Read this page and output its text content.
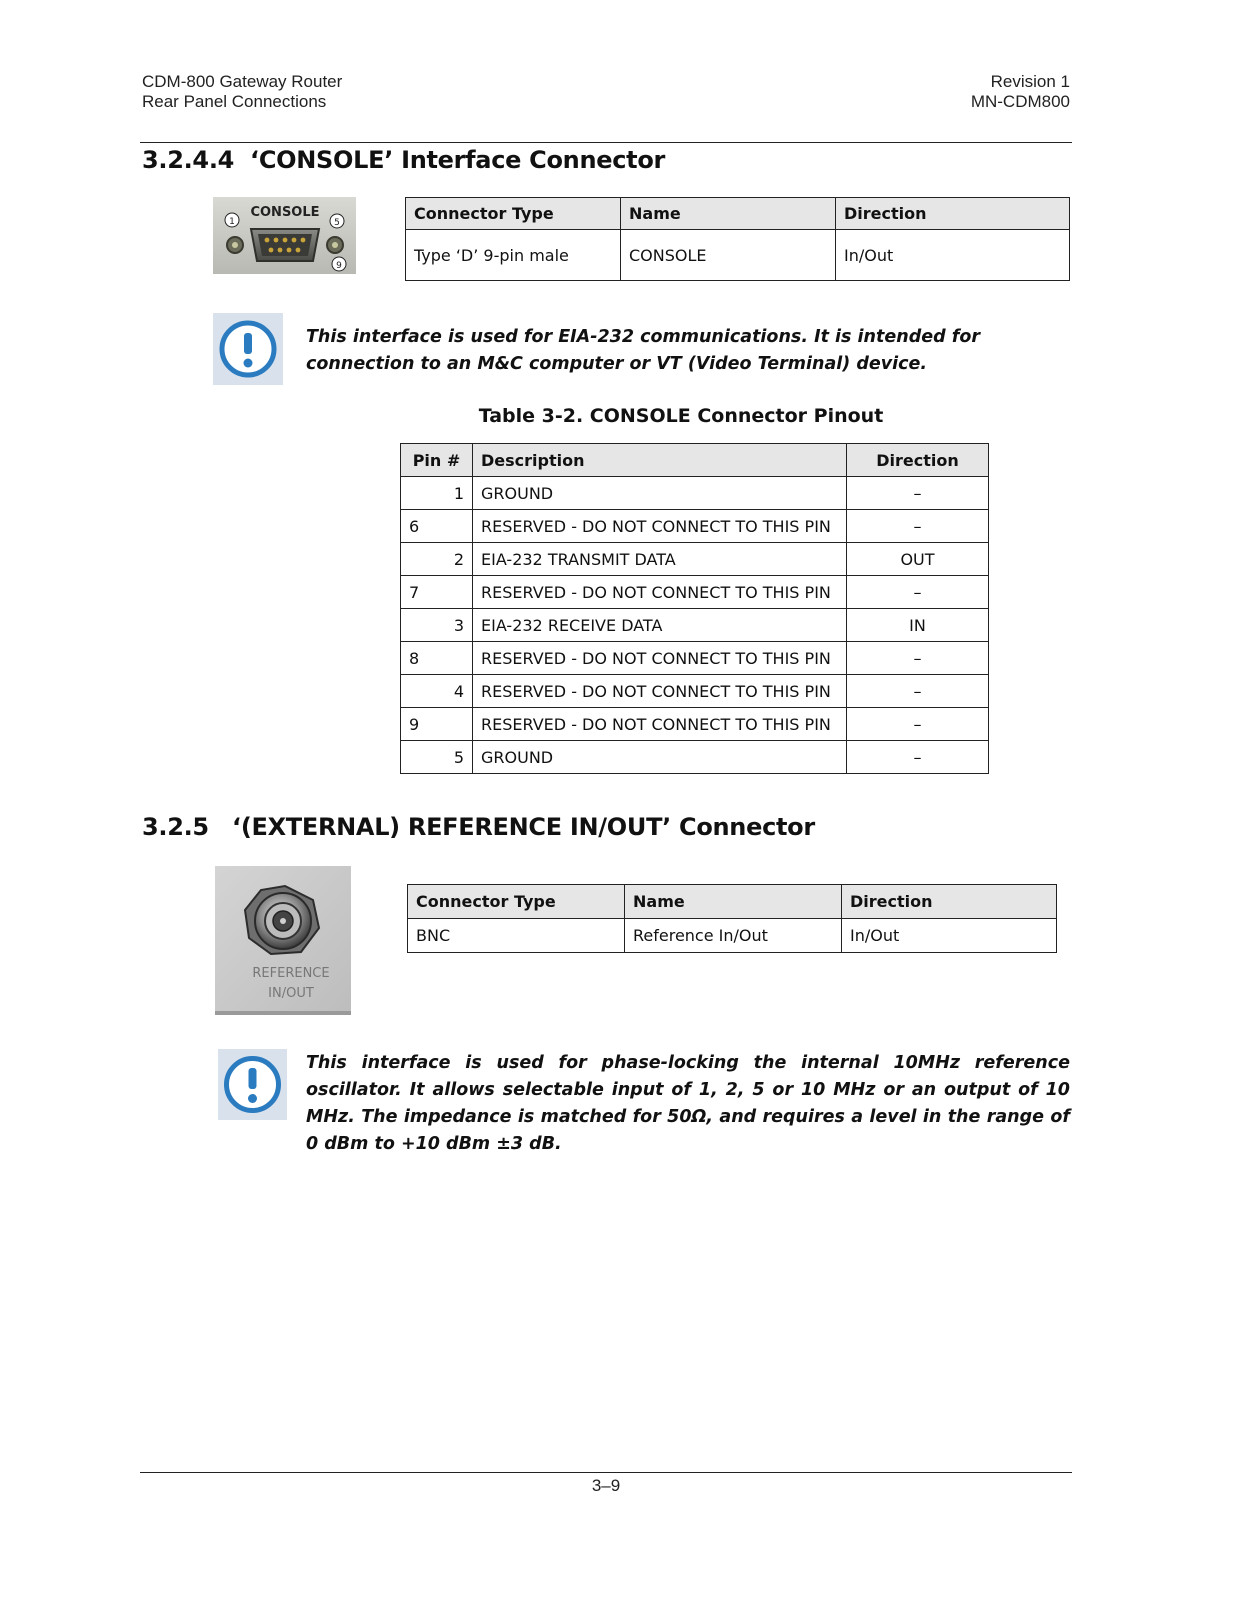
CDM-800 Gateway Router
Rear Panel Connections
Revision 1
MN-CDM800
3.2.4.4 ‘CONSOLE’ Interface Connector
CONSOLE
1	5
9
Connector Type	Name	Direction
Type ‘D’ 9-pin male	CONSOLE	In/Out
This interface is used for EIA-232 communications. It is intended for connection to an M&C computer or VT (Video Terminal) device.
Table 3-2. CONSOLE Connector Pinout
Pin #	Description	Direction
1	GROUND	–
6	RESERVED - DO NOT CONNECT TO THIS PIN	–
2	EIA-232 TRANSMIT DATA	OUT
7	RESERVED - DO NOT CONNECT TO THIS PIN	–
3	EIA-232 RECEIVE DATA	IN
8	RESERVED - DO NOT CONNECT TO THIS PIN	–
4	RESERVED - DO NOT CONNECT TO THIS PIN	–
9	RESERVED - DO NOT CONNECT TO THIS PIN	–
5	GROUND	–
3.2.5 ‘(EXTERNAL) REFERENCE IN/OUT’ Connector
REFERENCE
IN/OUT
Connector Type	Name	Direction
BNC	Reference In/Out	In/Out
This interface is used for phase-locking the internal 10MHz reference oscillator. It allows selectable input of 1, 2, 5 or 10 MHz or an output of 10 MHz. The impedance is matched for 50Ω, and requires a level in the range of 0 dBm to +10 dBm ±3 dB.
3–9
